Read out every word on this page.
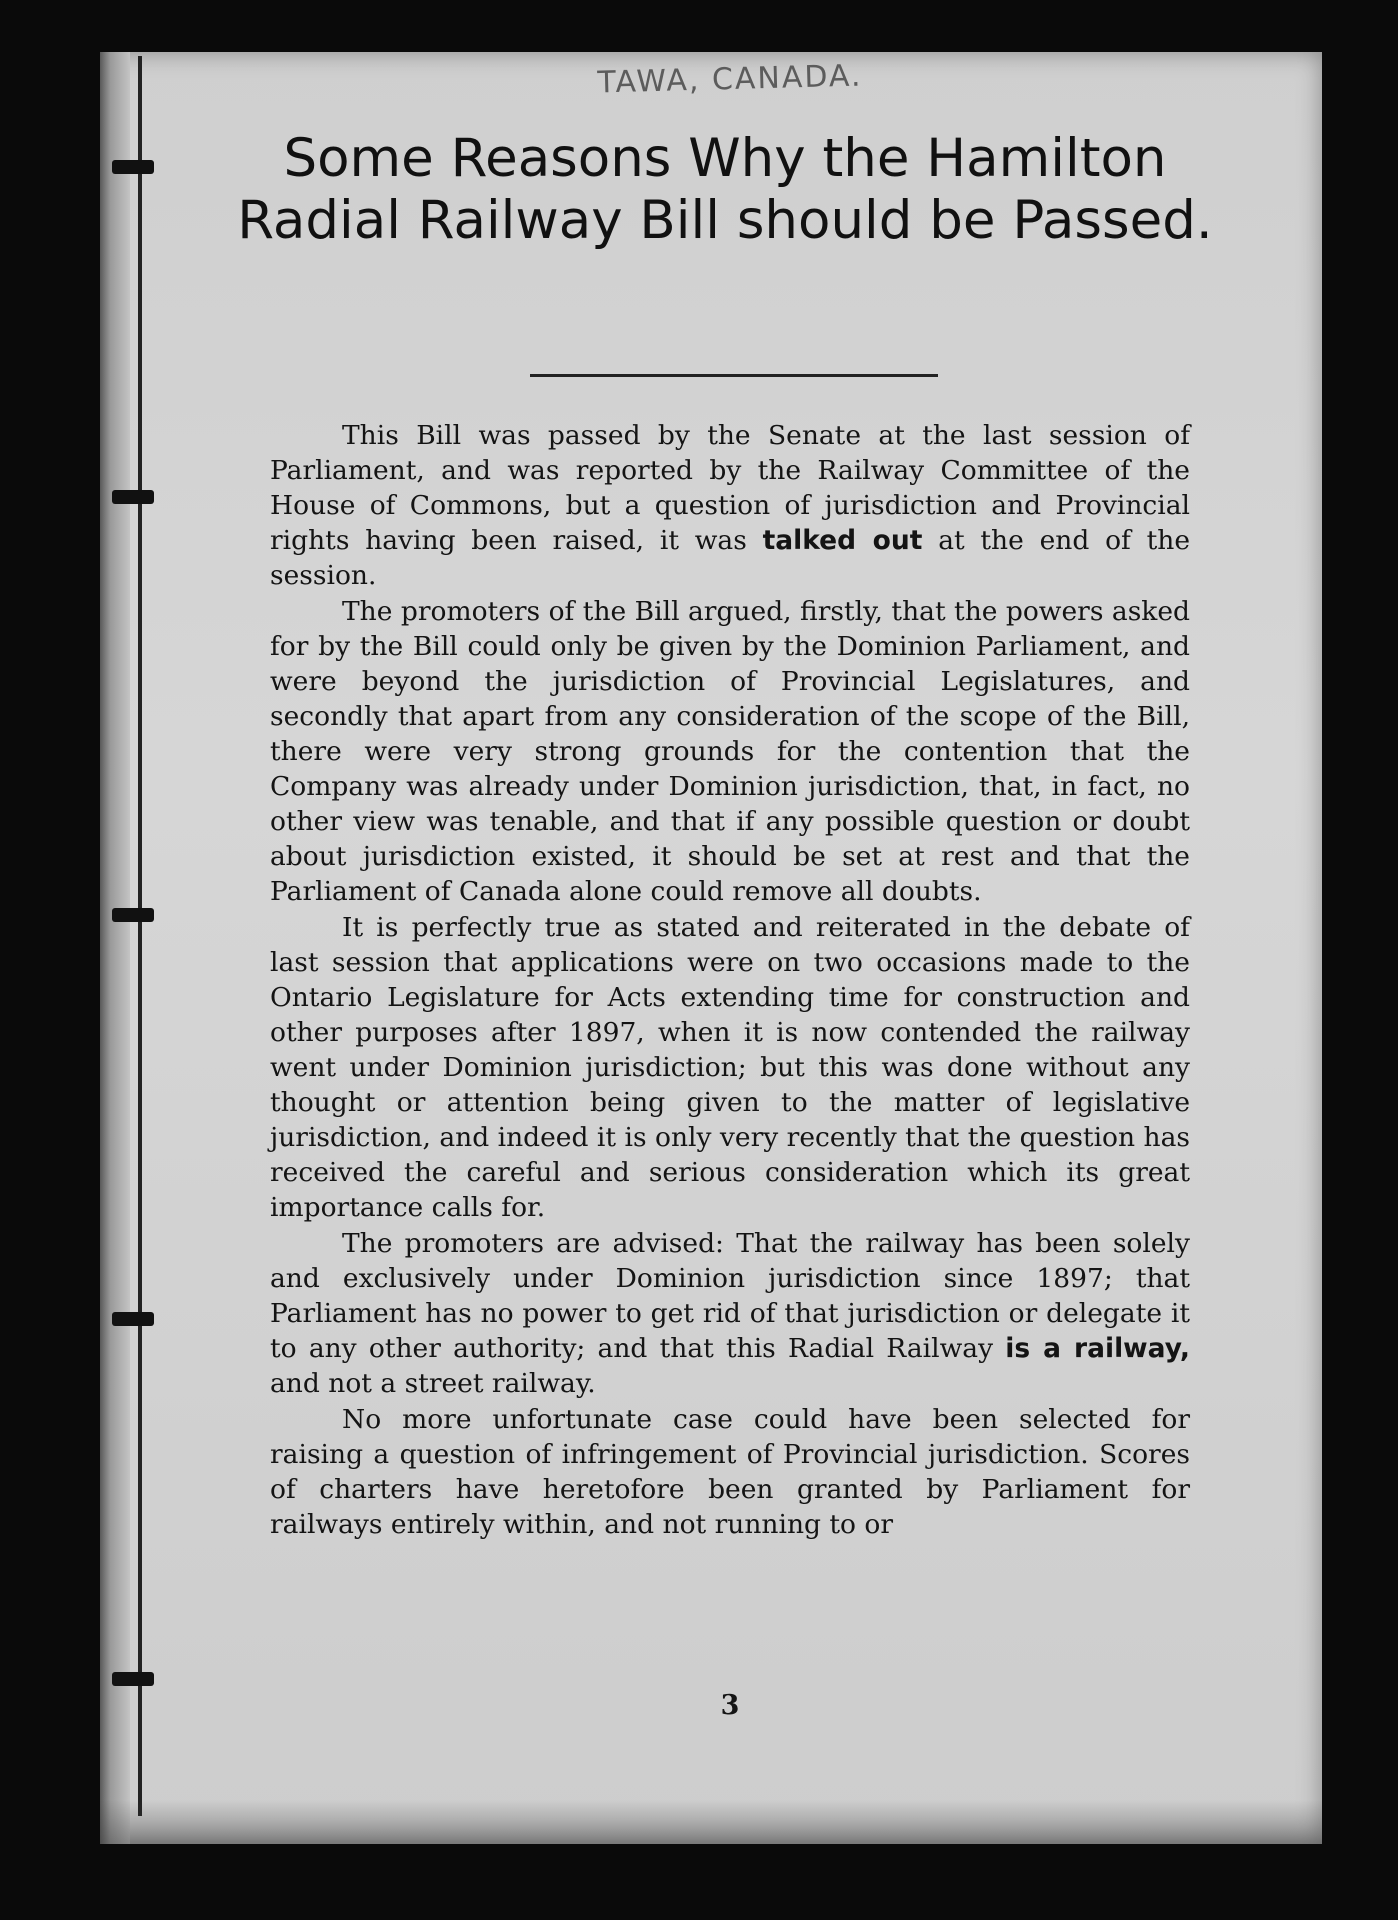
TAWA, CANADA.
Some Reasons Why the Hamilton Radial Railway Bill should be Passed.

This Bill was passed by the Senate at the last session of Parliament, and was reported by the Railway Committee of the House of Commons, but a question of jurisdiction and Provincial rights having been raised, it was talked out at the end of the session.

The promoters of the Bill argued, firstly, that the powers asked for by the Bill could only be given by the Dominion Parliament, and were beyond the jurisdiction of Provincial Legislatures, and secondly that apart from any consideration of the scope of the Bill, there were very strong grounds for the contention that the Company was already under Dominion jurisdiction, that, in fact, no other view was tenable, and that if any possible question or doubt about jurisdiction existed, it should be set at rest and that the Parliament of Canada alone could remove all doubts.

It is perfectly true as stated and reiterated in the debate of last session that applications were on two occasions made to the Ontario Legislature for Acts extending time for construction and other purposes after 1897, when it is now contended the railway went under Dominion jurisdiction; but this was done without any thought or attention being given to the matter of legislative jurisdiction, and indeed it is only very recently that the question has received the careful and serious consideration which its great importance calls for.

The promoters are advised: That the railway has been solely and exclusively under Dominion jurisdiction since 1897; that Parliament has no power to get rid of that jurisdiction or delegate it to any other authority; and that this Radial Railway is a railway, and not a street railway.

No more unfortunate case could have been selected for raising a question of infringement of Provincial jurisdiction. Scores of charters have heretofore been granted by Parliament for railways entirely within, and not running to or

3
